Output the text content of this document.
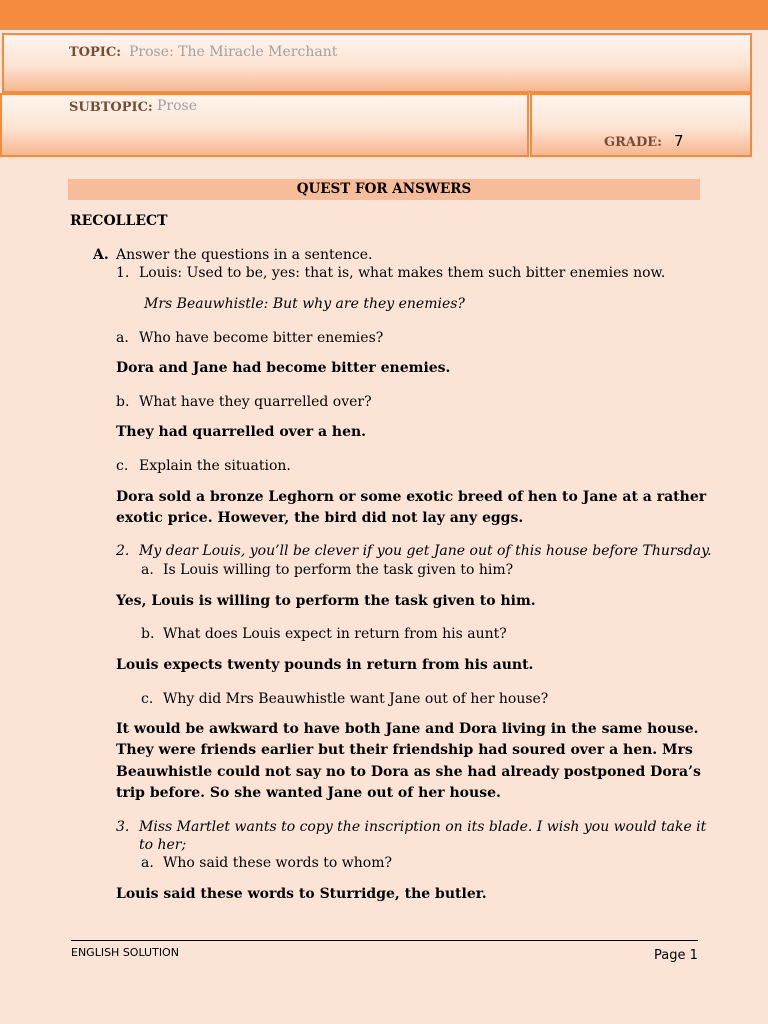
TOPIC: Prose: The Miracle Merchant
SUBTOPIC: Prose
GRADE: 7
QUEST FOR ANSWERS
RECOLLECT
A. Answer the questions in a sentence.
1. Louis: Used to be, yes: that is, what makes them such bitter enemies now.
Mrs Beauwhistle: But why are they enemies?
a. Who have become bitter enemies?
Dora and Jane had become bitter enemies.
b. What have they quarrelled over?
They had quarrelled over a hen.
c. Explain the situation.
Dora sold a bronze Leghorn or some exotic breed of hen to Jane at a rather
exotic price. However, the bird did not lay any eggs.
2. My dear Louis, you’ll be clever if you get Jane out of this house before Thursday.
a. Is Louis willing to perform the task given to him?
Yes, Louis is willing to perform the task given to him.
b. What does Louis expect in return from his aunt?
Louis expects twenty pounds in return from his aunt.
c. Why did Mrs Beauwhistle want Jane out of her house?
It would be awkward to have both Jane and Dora living in the same house.
They were friends earlier but their friendship had soured over a hen. Mrs
Beauwhistle could not say no to Dora as she had already postponed Dora’s
trip before. So she wanted Jane out of her house.
3. Miss Martlet wants to copy the inscription on its blade. I wish you would take it
to her;
a. Who said these words to whom?
Louis said these words to Sturridge, the butler.
ENGLISH SOLUTION	Page 1
